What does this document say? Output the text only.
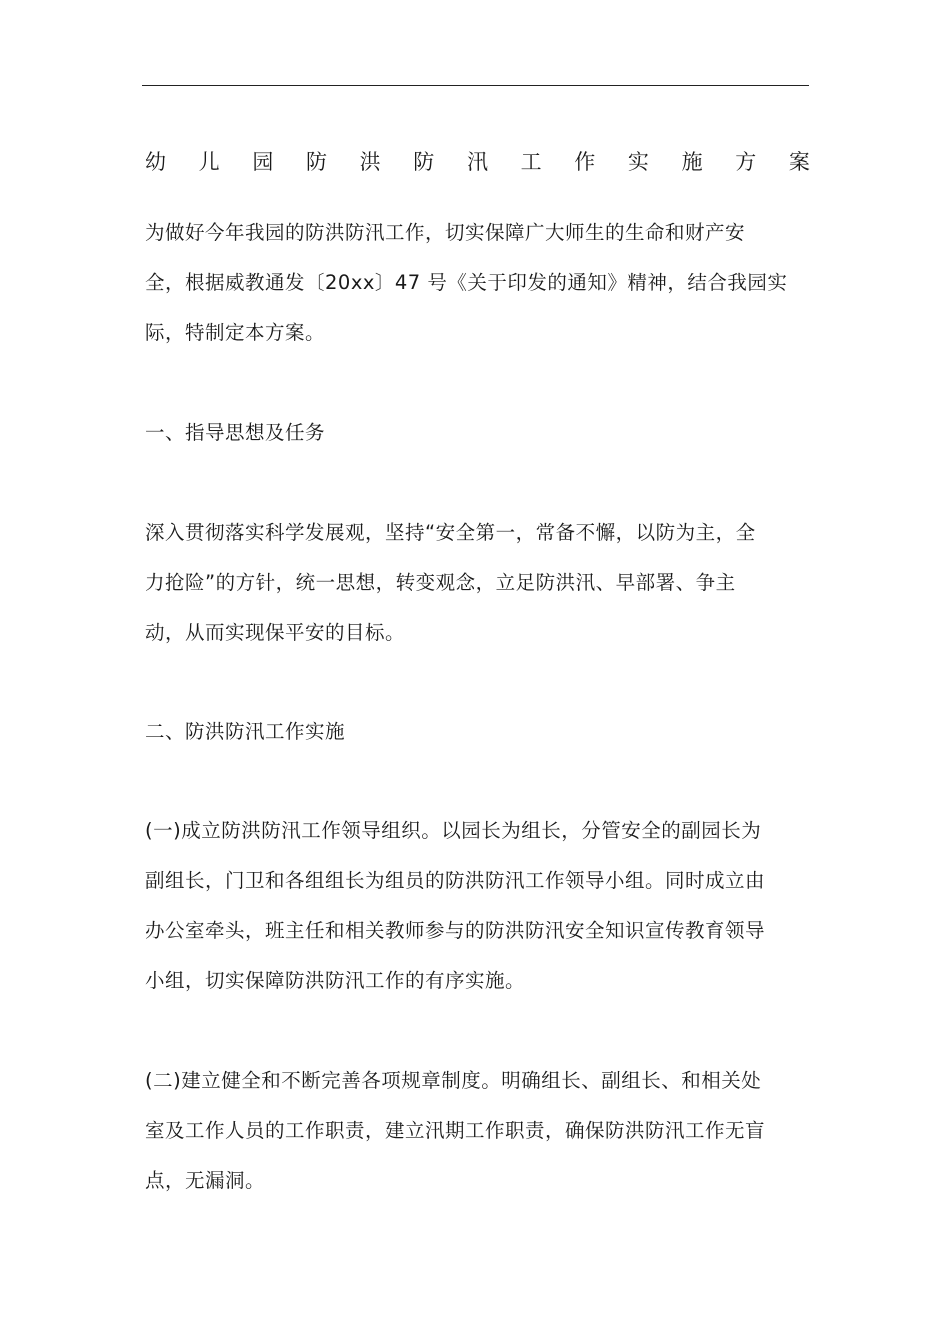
幼 儿 园 防 洪 防 汛 工 作 实 施 方 案
为做好今年我园的防洪防汛工作，切实保障广大师生的生命和财产安
全，根据威教通发〔20xx〕47 号《关于印发的通知》精神，结合我园实
际，特制定本方案。
一、指导思想及任务
深入贯彻落实科学发展观，坚持“安全第一，常备不懈，以防为主，全
力抢险”的方针，统一思想，转变观念，立足防洪汛、早部署、争主
动，从而实现保平安的目标。
二、防洪防汛工作实施
(一)成立防洪防汛工作领导组织。以园长为组长，分管安全的副园长为
副组长，门卫和各组组长为组员的防洪防汛工作领导小组。同时成立由
办公室牵头，班主任和相关教师参与的防洪防汛安全知识宣传教育领导
小组，切实保障防洪防汛工作的有序实施。
(二)建立健全和不断完善各项规章制度。明确组长、副组长、和相关处
室及工作人员的工作职责，建立汛期工作职责，确保防洪防汛工作无盲
点，无漏洞。
